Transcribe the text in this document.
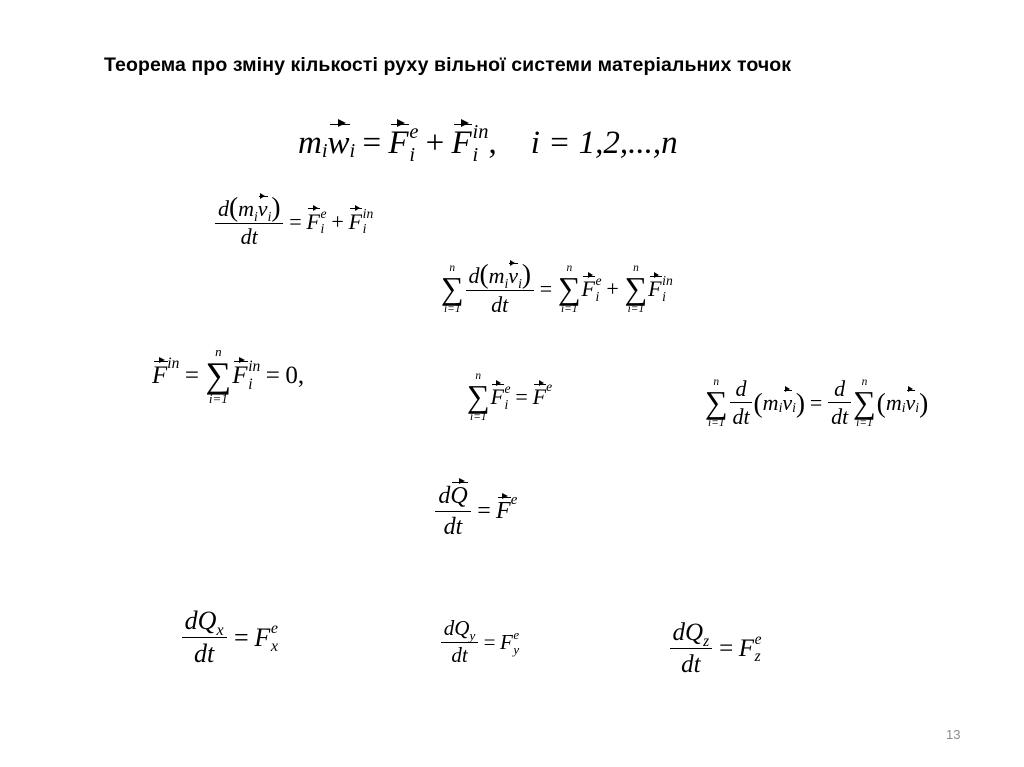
Теорема про зміну кількості руху вільної системи матеріальних точок
m i w i = F e
i + F in
i , i = 1,2,...,n
$\frac{d(m_iv_i)}{dt} = F$ e
i + F in
i
n
∑
$i=1 \frac{d(m_iv_i)}{dt}$ =
n
∑
i=1
F e
i +
n
∑
i=1
F in
i
F in =
n
∑
i=1
F in
i = 0,	n
∑
i=1
F e
i = F e	n
∑
$i=1 \frac{d}{dt}$ ( m i v i ) = $\frac{d}{dt}$ n
∑
i=1
( m i v i )
$\frac{dQ}{dt} = F$ e
$\frac{dQ_x}{dt} = F$ e
x	$\frac{dQ_y}{dt} = F$ e
y	$\frac{dQ_z}{dt} = F$ e
z
13
